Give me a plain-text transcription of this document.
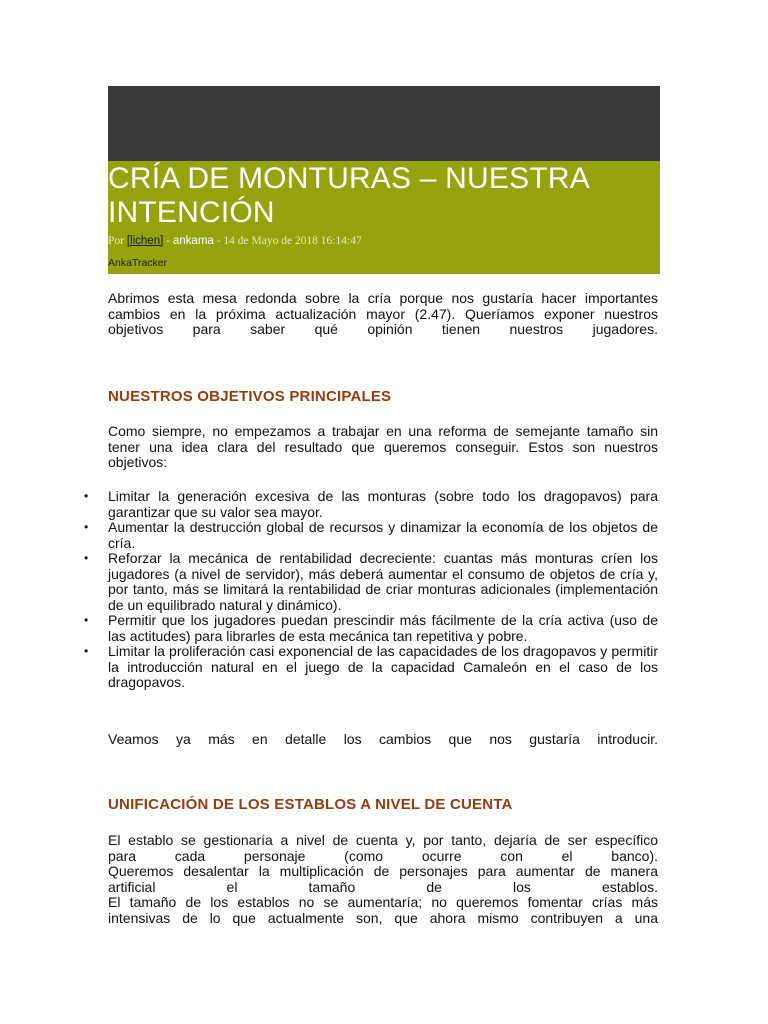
CRÍA DE MONTURAS – NUESTRA INTENCIÓN
Por [lichen] - ankama - 14 de Mayo de 2018 16:14:47
AnkaTracker

Abrimos esta mesa redonda sobre la cría porque nos gustaría hacer importantes

cambios en la próxima actualización mayor (2.47). Queríamos exponer nuestros

objetivos para saber qué opinión tienen nuestros jugadores.

NUESTROS OBJETIVOS PRINCIPALES

Como siempre, no empezamos a trabajar en una reforma de semejante tamaño sin tener una idea clara del resultado que queremos conseguir. Estos son nuestros objetivos:

• Limitar la generación excesiva de las monturas (sobre todo los dragopavos) para garantizar que su valor sea mayor.
• Aumentar la destrucción global de recursos y dinamizar la economía de los objetos de cría.
• Reforzar la mecánica de rentabilidad decreciente: cuantas más monturas críen los jugadores (a nivel de servidor), más deberá aumentar el consumo de objetos de cría y, por tanto, más se limitará la rentabilidad de criar monturas adicionales (implementación de un equilibrado natural y dinámico).
• Permitir que los jugadores puedan prescindir más fácilmente de la cría activa (uso de las actitudes) para librarles de esta mecánica tan repetitiva y pobre.
• Limitar la proliferación casi exponencial de las capacidades de los dragopavos y permitir la introducción natural en el juego de la capacidad Camaleón en el caso de los dragopavos.

Veamos ya más en detalle los cambios que nos gustaría introducir.

UNIFICACIÓN DE LOS ESTABLOS A NIVEL DE CUENTA

El establo se gestionaría a nivel de cuenta y, por tanto, dejaría de ser específico

para cada personaje (como ocurre con el banco).

Queremos desalentar la multiplicación de personajes para aumentar de manera

artificial el tamaño de los establos.

El tamaño de los establos no se aumentaría; no queremos fomentar crías más

intensivas de lo que actualmente son, que ahora mismo contribuyen a una
